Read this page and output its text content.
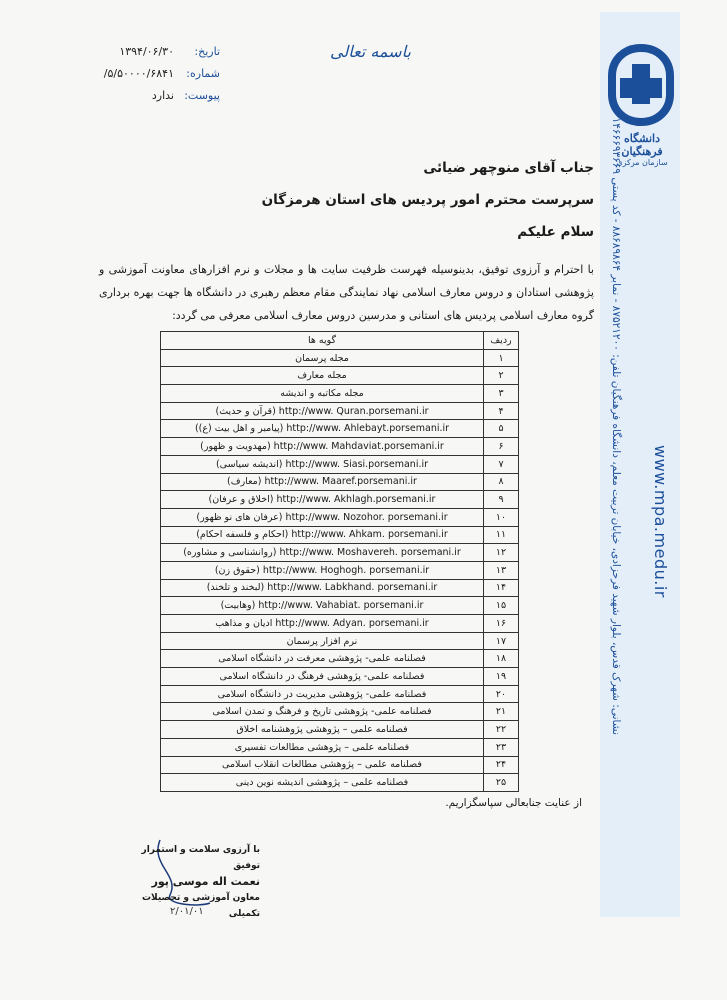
دانشگاه فرهنگیان
سازمان مرکزی
نشانی: شهرک قدس، بلوار شهید فرحزادی، خیابان تربیت معلم، دانشگاه فرهنگیان تلفن: ۸۷۵۲۱۲۰۰ - نمابر ۸۸۶۸۹۸۶۴ - کد پستی ۱۴۶۶۶۹۳۶۶۹ www.mpa.medu.ir
باسمه تعالی
تاریخ:
۱۳۹۴/۰۶/۳۰
شماره:
۵/۵۰۰۰۰/۶۸۴۱/
پیوست:
ندارد
جناب آقای منوچهر ضیائی
سرپرست محترم امور پردیس های استان هرمزگان
سلام علیکم
با احترام و آرزوی توفیق، بدینوسیله فهرست ظرفیت سایت ها و مجلات و نرم افزارهای معاونت آموزشی و پژوهشی استادان و دروس معارف اسلامی نهاد نمایندگی مقام معظم رهبری در دانشگاه ها جهت بهره برداری گروه معارف اسلامی پردیس های استانی و مدرسین دروس معارف اسلامی معرفی می گردد:
ردیف	گویه ها
۱	مجله پرسمان
۲	مجله معارف
۳	مجله مکاتبه و اندیشه
۴	http://www. Quran.porsemani.ir (قرآن و حدیث)
۵	http://www. Ahlebayt.porsemani.ir (پیامبر و اهل بیت (ع))
۶	http://www. Mahdaviat.porsemani.ir (مهدویت و ظهور)
۷	http://www. Siasi.porsemani.ir (اندیشه سیاسی)
۸	http://www. Maaref.porsemani.ir (معارف)
۹	http://www. Akhlagh.porsemani.ir (اخلاق و عرفان)
۱۰	http://www. Nozohor. porsemani.ir (عرفان های نو ظهور)
۱۱	http://www. Ahkam. porsemani.ir (احکام و فلسفه احکام)
۱۲	http://www. Moshavereh. porsemani.ir (روانشناسی و مشاوره)
۱۳	http://www. Hoghogh. porsemani.ir (حقوق زن)
۱۴	http://www. Labkhand. porsemani.ir (لبخند و تلخند)
۱۵	http://www. Vahabiat. porsemani.ir (وهابیت)
۱۶	http://www. Adyan. porsemani.ir ادیان و مذاهب
۱۷	نرم افزار پرسمان
۱۸	فصلنامه علمی- پژوهشی معرفت در دانشگاه اسلامی
۱۹	فصلنامه علمی- پژوهشی فرهنگ در دانشگاه اسلامی
۲۰	فصلنامه علمی- پژوهشی مدیریت در دانشگاه اسلامی
۲۱	فصلنامه علمی- پژوهشی تاریخ و فرهنگ و تمدن اسلامی
۲۲	فصلنامه علمی – پژوهشی پژوهشنامه اخلاق
۲۳	فصلنامه علمی – پژوهشی مطالعات تفسیری
۲۴	فصلنامه علمی – پژوهشی مطالعات انقلاب اسلامی
۲۵	فصلنامه علمی – پژوهشی اندیشه نوین دینی
از عنایت جنابعالی سپاسگزاریم.
با آرزوی سلامت و استمرار توفیق
نعمت اله موسی پور
معاون آموزشی و تحصیلات تکمیلی
۲/۰۱/۰۱
